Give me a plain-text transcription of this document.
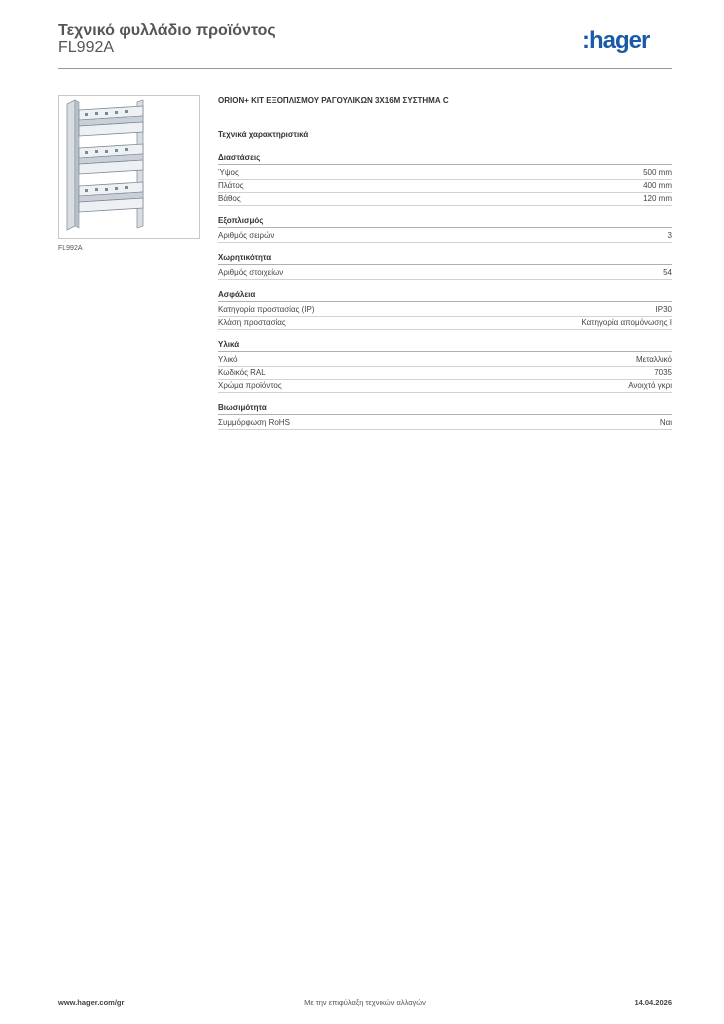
Τεχνικό φυλλάδιο προϊόντος
FL992A	:hager
FL992A
ORION+ ΚΙΤ ΕΞΟΠΛΙΣΜΟΥ ΡΑΓΟΥΛΙΚΩΝ 3Χ16Μ ΣΥΣΤΗΜΑ C
Τεχνικά χαρακτηριστικά
Διαστάσεις
Ύψος	500 mm
Πλάτος	400 mm
Βάθος	120 mm
Εξοπλισμός
Αριθμός σειρών	3
Χωρητικότητα
Αριθμός στοιχείων	54
Ασφάλεια
Κατηγορία προστασίας (IP)	IP30
Κλάση προστασίας	Κατηγορία απομόνωσης I
Υλικά
Υλικό	Μεταλλικό
Κωδικός RAL	7035
Χρώμα προϊόντος	Ανοιχτό γκρι
Βιωσιμότητα
Συμμόρφωση RoHS	Ναι
Με την επιφύλαξη τεχνικών αλλαγών
www.hager.com/gr	14.04.2026
